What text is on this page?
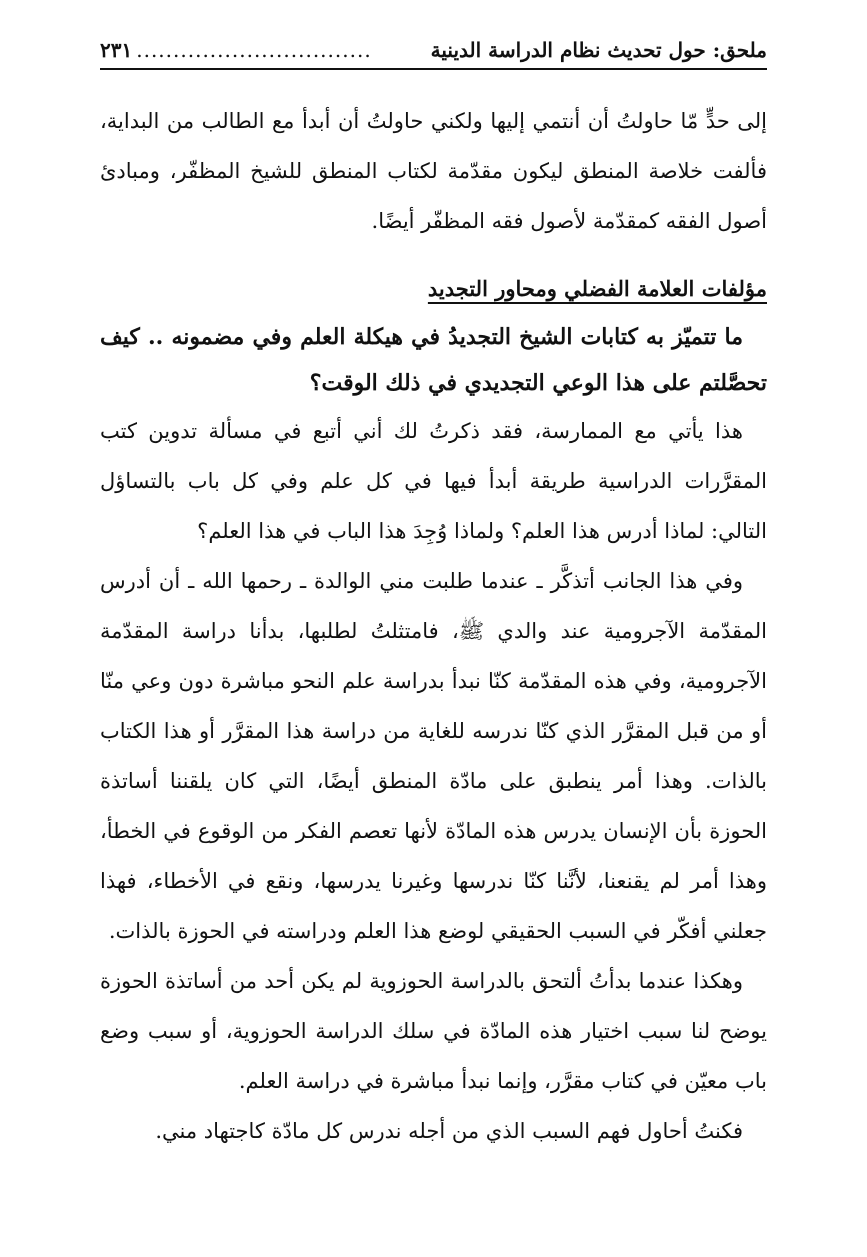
ملحق: حول تحديث نظام الدراسة الدينية
................................
٢٣١

إلى حدٍّ مّا حاولتُ أن أنتمي إليها ولكني حاولتُ أن أبدأ مع الطالب من البداية، فألفت خلاصة المنطق ليكون مقدّمة لكتاب المنطق للشيخ المظفّر، ومبادئ أصول الفقه كمقدّمة لأصول فقه المظفّر أيضًا.

مؤلفات العلامة الفضلي ومحاور التجديد

ما تتميّز به كتابات الشيخ التجديدُ في هيكلة العلم وفي مضمونه .. كيف تحصَّلتم على هذا الوعي التجديدي في ذلك الوقت؟

هذا يأتي مع الممارسة، فقد ذكرتُ لك أني أتبع في مسألة تدوين كتب المقرَّرات الدراسية طريقة أبدأ فيها في كل علم وفي كل باب بالتساؤل التالي: لماذا أدرس هذا العلم؟ ولماذا وُجِدَ هذا الباب في هذا العلم؟

وفي هذا الجانب أتذكَّر ـ عندما طلبت مني الوالدة ـ رحمها الله ـ أن أدرس المقدّمة الآجرومية عند والدي ﷺ، فامتثلتُ لطلبها، بدأنا دراسة المقدّمة الآجرومية، وفي هذه المقدّمة كنّا نبدأ بدراسة علم النحو مباشرة دون وعي منّا أو من قبل المقرَّر الذي كنّا ندرسه للغاية من دراسة هذا المقرَّر أو هذا الكتاب بالذات. وهذا أمر ينطبق على مادّة المنطق أيضًا، التي كان يلقننا أساتذة الحوزة بأن الإنسان يدرس هذه المادّة لأنها تعصم الفكر من الوقوع في الخطأ، وهذا أمر لم يقنعنا، لأنَّنا كنّا ندرسها وغيرنا يدرسها، ونقع في الأخطاء، فهذا جعلني أفكّر في السبب الحقيقي لوضع هذا العلم ودراسته في الحوزة بالذات.

وهكذا عندما بدأتُ ألتحق بالدراسة الحوزوية لم يكن أحد من أساتذة الحوزة يوضح لنا سبب اختيار هذه المادّة في سلك الدراسة الحوزوية، أو سبب وضع باب معيّن في كتاب مقرَّر، وإنما نبدأ مباشرة في دراسة العلم.

فكنتُ أحاول فهم السبب الذي من أجله ندرس كل مادّة كاجتهاد مني.
